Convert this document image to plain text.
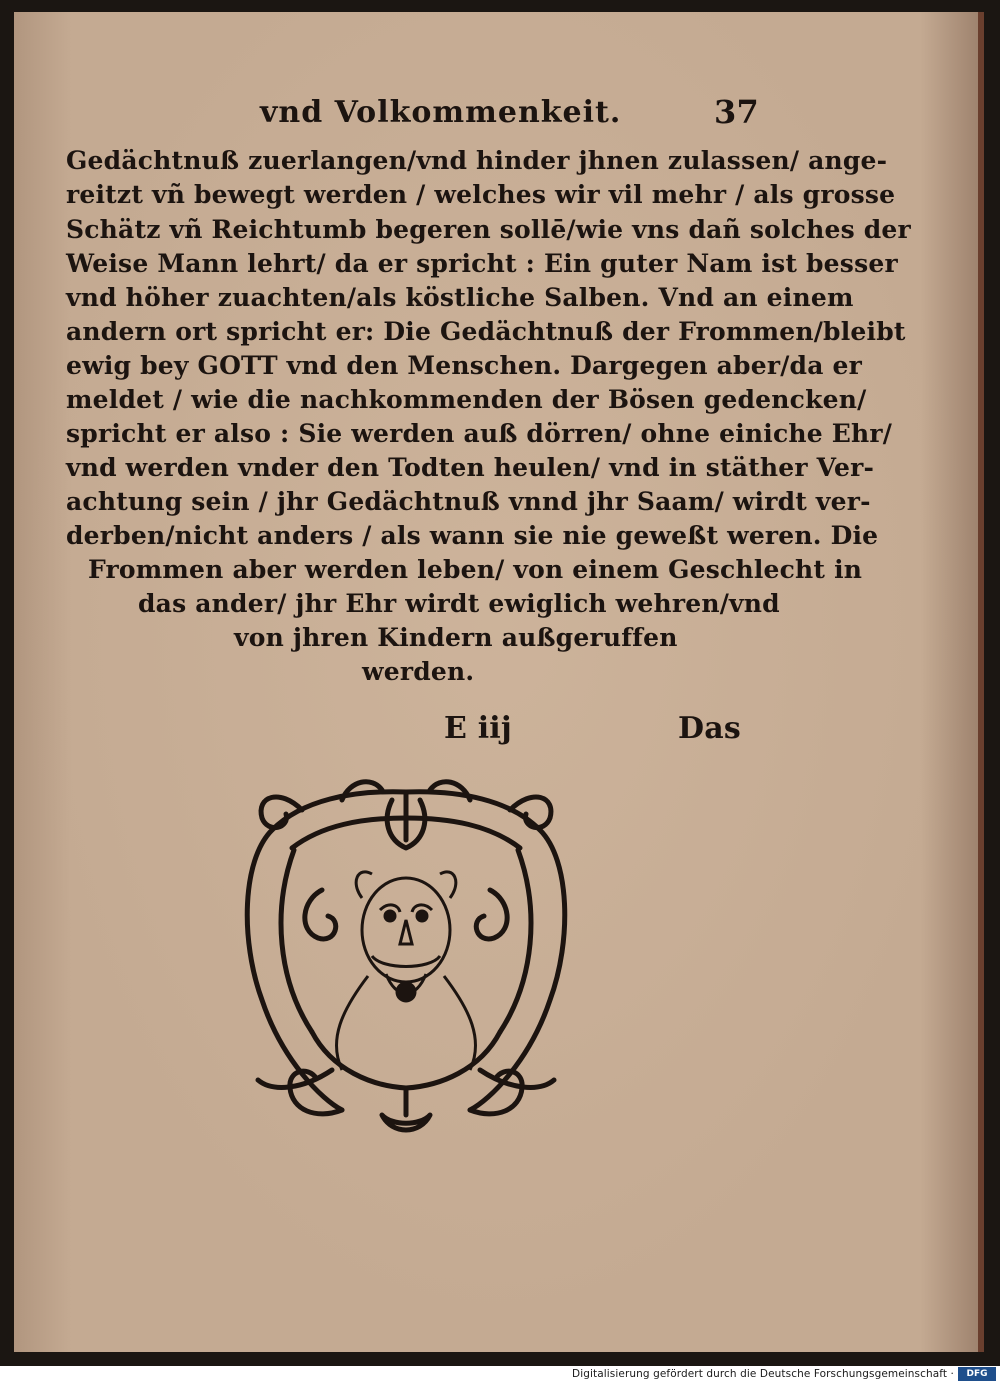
vnd Volkommenkeit.	37

Gedächtnuß zuerlangen/vnd hinder jhnen zulassen/ ange-

reitzt vñ bewegt werden / welches wir vil mehr / als grosse

Schätz vñ Reichtumb begeren sollē/wie vns dañ solches der

Weise Mann lehrt/ da er spricht : Ein guter Nam ist besser

vnd höher zuachten/als köstliche Salben. Vnd an einem

andern ort spricht er: Die Gedächtnuß der Frommen/bleibt

ewig bey GOTT vnd den Menschen. Dargegen aber/da er

meldet / wie die nachkommenden der Bösen gedencken/

spricht er also : Sie werden auß dörren/ ohne einiche Ehr/

vnd werden vnder den Todten heulen/ vnd in stäther Ver-

achtung sein / jhr Gedächtnuß vnnd jhr Saam/ wirdt ver-

derben/nicht anders / als wann sie nie geweßt weren. Die

Frommen aber werden leben/ von einem Geschlecht in

das ander/ jhr Ehr wirdt ewiglich wehren/vnd

von jhren Kindern außgeruffen

werden.

E iij	Das

Digitalisierung gefördert durch die Deutsche Forschungsgemeinschaft ·	DFG
